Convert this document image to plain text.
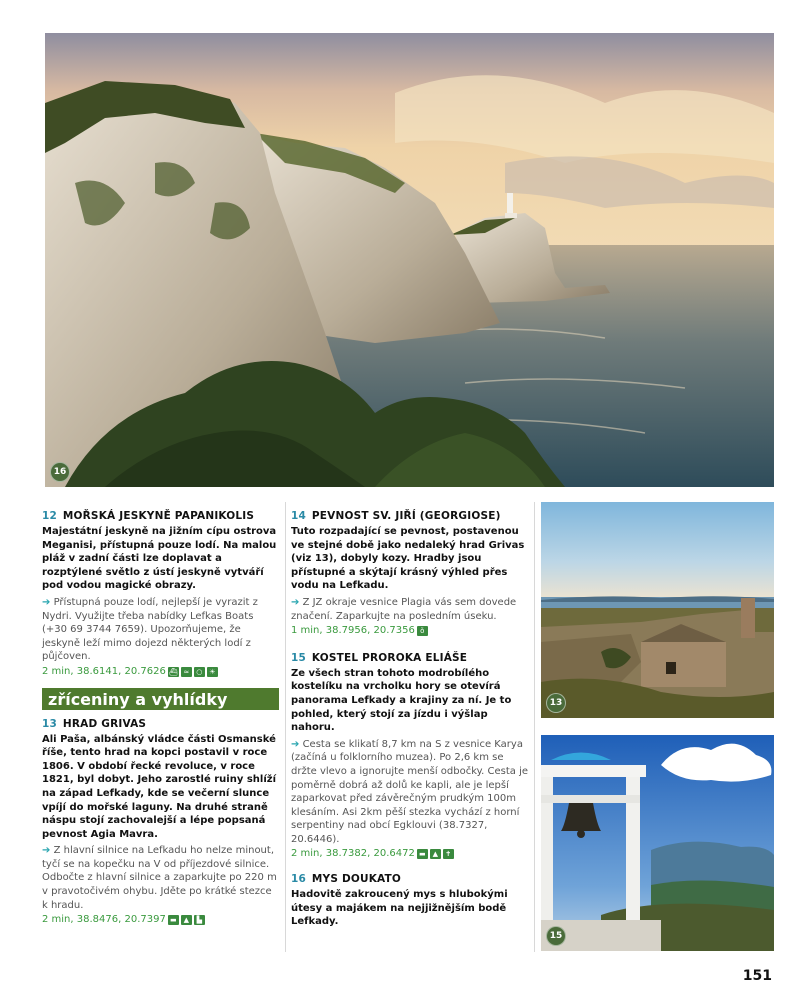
16
13
15
12 MOŘSKÁ JESKYNĚ PAPANIKOLIS
Majestátní jeskyně na jižním cípu ostrova Meganisi, přístupná pouze lodí. Na malou pláž v zadní části lze doplavat a rozptýlené světlo z ústí jeskyně vytváří pod vodou magické obrazy.
➔ Přístupná pouze lodí, nejlepší je vyrazit z Nydri. Využijte třeba nabídky Lefkas Boats (+30 69 3744 7659). Upozorňujeme, že jeskyně leží mimo dojezd některých lodí z půjčoven.
2 min, 38.6141, 20.7626 ⛴ ≈	○ ☀
zříceniny a vyhlídky
13 HRAD GRIVAS
Ali Paša, albánský vládce části Osmanské říše, tento hrad na kopci postavil v roce 1806. V období řecké revoluce, v roce 1821, byl dobyt. Jeho zarostlé ruiny shlíží na západ Lefkady, kde se večerní slunce vpíjí do mořské laguny. Na druhé straně náspu stojí zachovalejší a lépe popsaná pevnost Agia Mavra.
➔ Z hlavní silnice na Lefkadu ho nelze minout, tyčí se na kopečku na V od příjezdové silnice. Odbočte z hlavní silnice a zaparkujte po 220 m v pravotočivém ohybu. Jděte po krátké stezce k hradu.
2 min, 38.8476, 20.7397 ▬ ▲	▙
14 PEVNOST SV. JIŘÍ (GEORGIOSE)
Tuto rozpadající se pevnost, postavenou ve stejné době jako nedaleký hrad Grivas (viz 13), dobyly kozy. Hradby jsou přístupné a skýtají krásný výhled přes vodu na Lefkadu.
➔ Z JZ okraje vesnice Plagia vás sem dovede značení. Zaparkujte na posledním úseku.
1 min, 38.7956, 20.7356 ǒ
15 KOSTEL PROROKA ELIÁŠE
Ze všech stran tohoto modrobílého kostelíku na vrcholku hory se otevírá panorama Lefkady a krajiny za ní. Je to pohled, který stojí za jízdu i výšlap nahoru.
➔ Cesta se klikatí 8,7 km na S z vesnice Karya (začíná u folklorního muzea). Po 2,6 km se držte vlevo a ignorujte menší odbočky. Cesta je poměrně dobrá až dolů ke kapli, ale je lepší zaparkovat před závěrečným prudkým 100m klesáním. Asi 2km pěší stezka vychází z horní serpentiny nad obcí Egklouvi (38.7327, 20.6446).
2 min, 38.7382, 20.6472 ▬ ▲	✝
16 MYS DOUKATO
Hadovitě zakroucený mys s hlubokými útesy a majákem na nejjižnějším bodě Lefkady.
151
